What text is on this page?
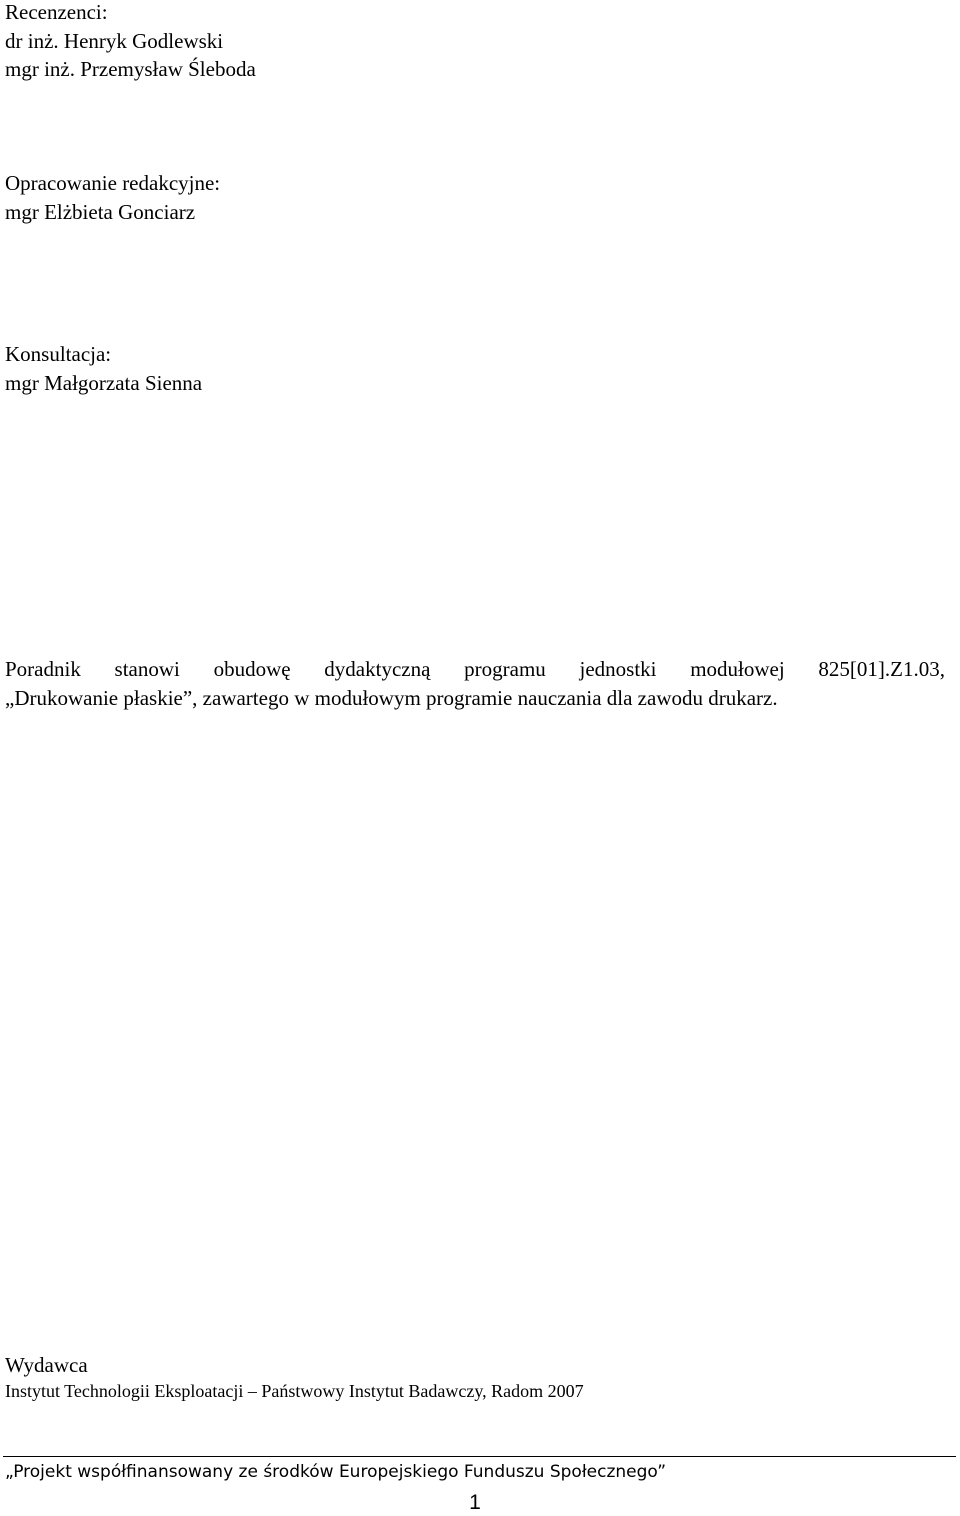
Recenzenci:
dr inż. Henryk Godlewski
mgr inż. Przemysław Śleboda
Opracowanie redakcyjne:
mgr Elżbieta Gonciarz
Konsultacja:
mgr Małgorzata Sienna
Poradnik stanowi obudowę dydaktyczną programu jednostki modułowej 825[01].Z1.03,
„Drukowanie płaskie”, zawartego w modułowym programie nauczania dla zawodu drukarz.
Wydawca
Instytut Technologii Eksploatacji – Państwowy Instytut Badawczy, Radom 2007
„Projekt współfinansowany ze środków Europejskiego Funduszu Społecznego”
1
